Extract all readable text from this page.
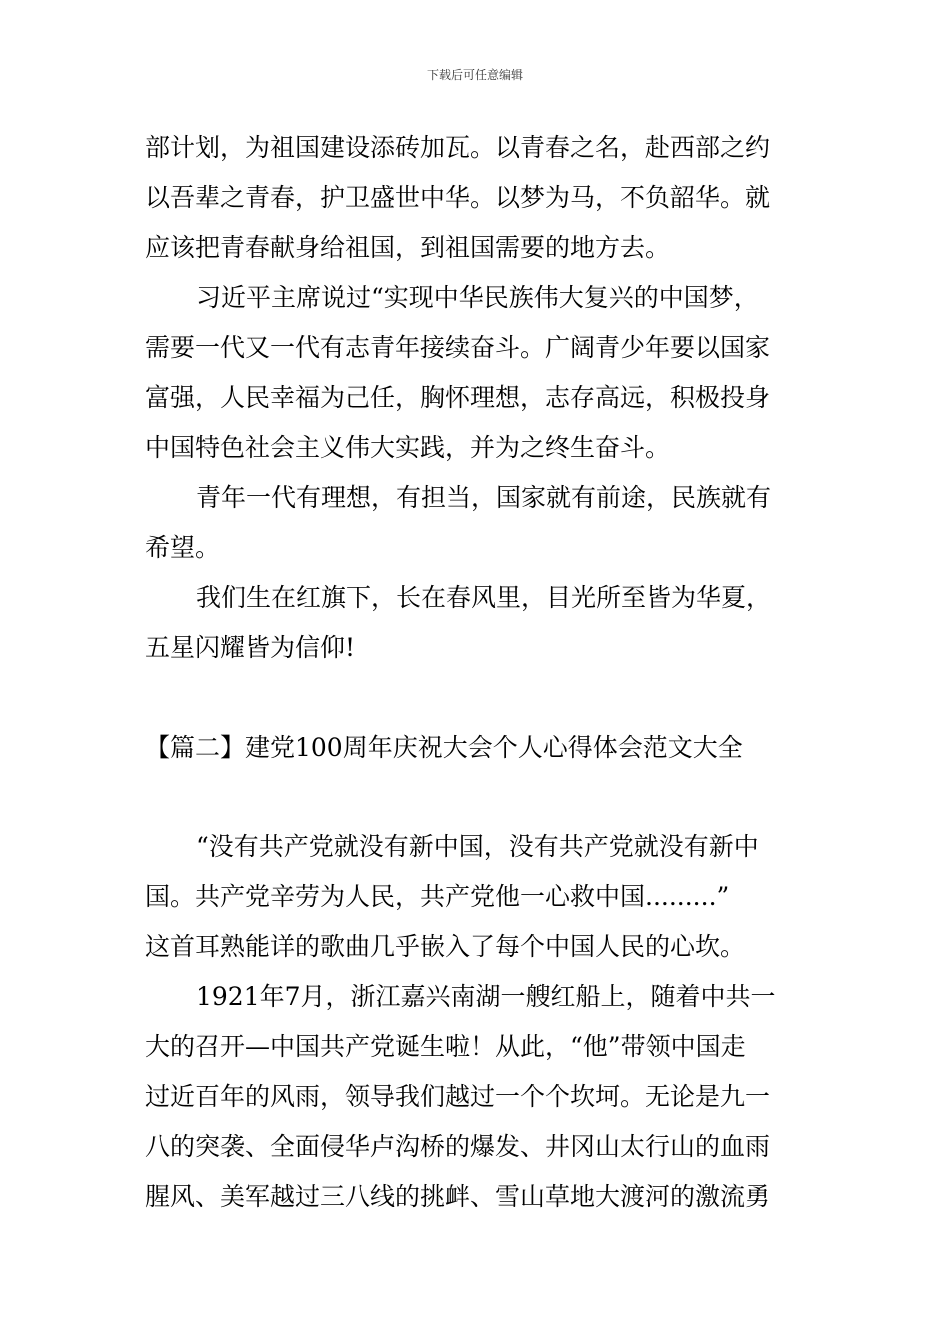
下载后可任意编辑
部计划，为祖国建设添砖加瓦。以青春之名，赴西部之约
以吾辈之青春，护卫盛世中华。以梦为马，不负韶华。就
应该把青春献身给祖国，到祖国需要的地方去。
习近平主席说过“实现中华民族伟大复兴的中国梦，
需要一代又一代有志青年接续奋斗。广阔青少年要以国家
富强，人民幸福为己任，胸怀理想，志存高远，积极投身
中国特色社会主义伟大实践，并为之终生奋斗。
青年一代有理想，有担当，国家就有前途，民族就有
希望。
我们生在红旗下，长在春风里，目光所至皆为华夏，
五星闪耀皆为信仰!
【篇二】建党100周年庆祝大会个人心得体会范文大全
“没有共产党就没有新中国，没有共产党就没有新中
国。共产党辛劳为人民，共产党他一心救中国.........”
这首耳熟能详的歌曲几乎嵌入了每个中国人民的心坎。
1921年7月，浙江嘉兴南湖一艘红船上，随着中共一
大的召开—中国共产党诞生啦！从此，“他”带领中国走
过近百年的风雨，领导我们越过一个个坎坷。无论是九一
八的突袭、全面侵华卢沟桥的爆发、井冈山太行山的血雨
腥风、美军越过三八线的挑衅、雪山草地大渡河的激流勇
